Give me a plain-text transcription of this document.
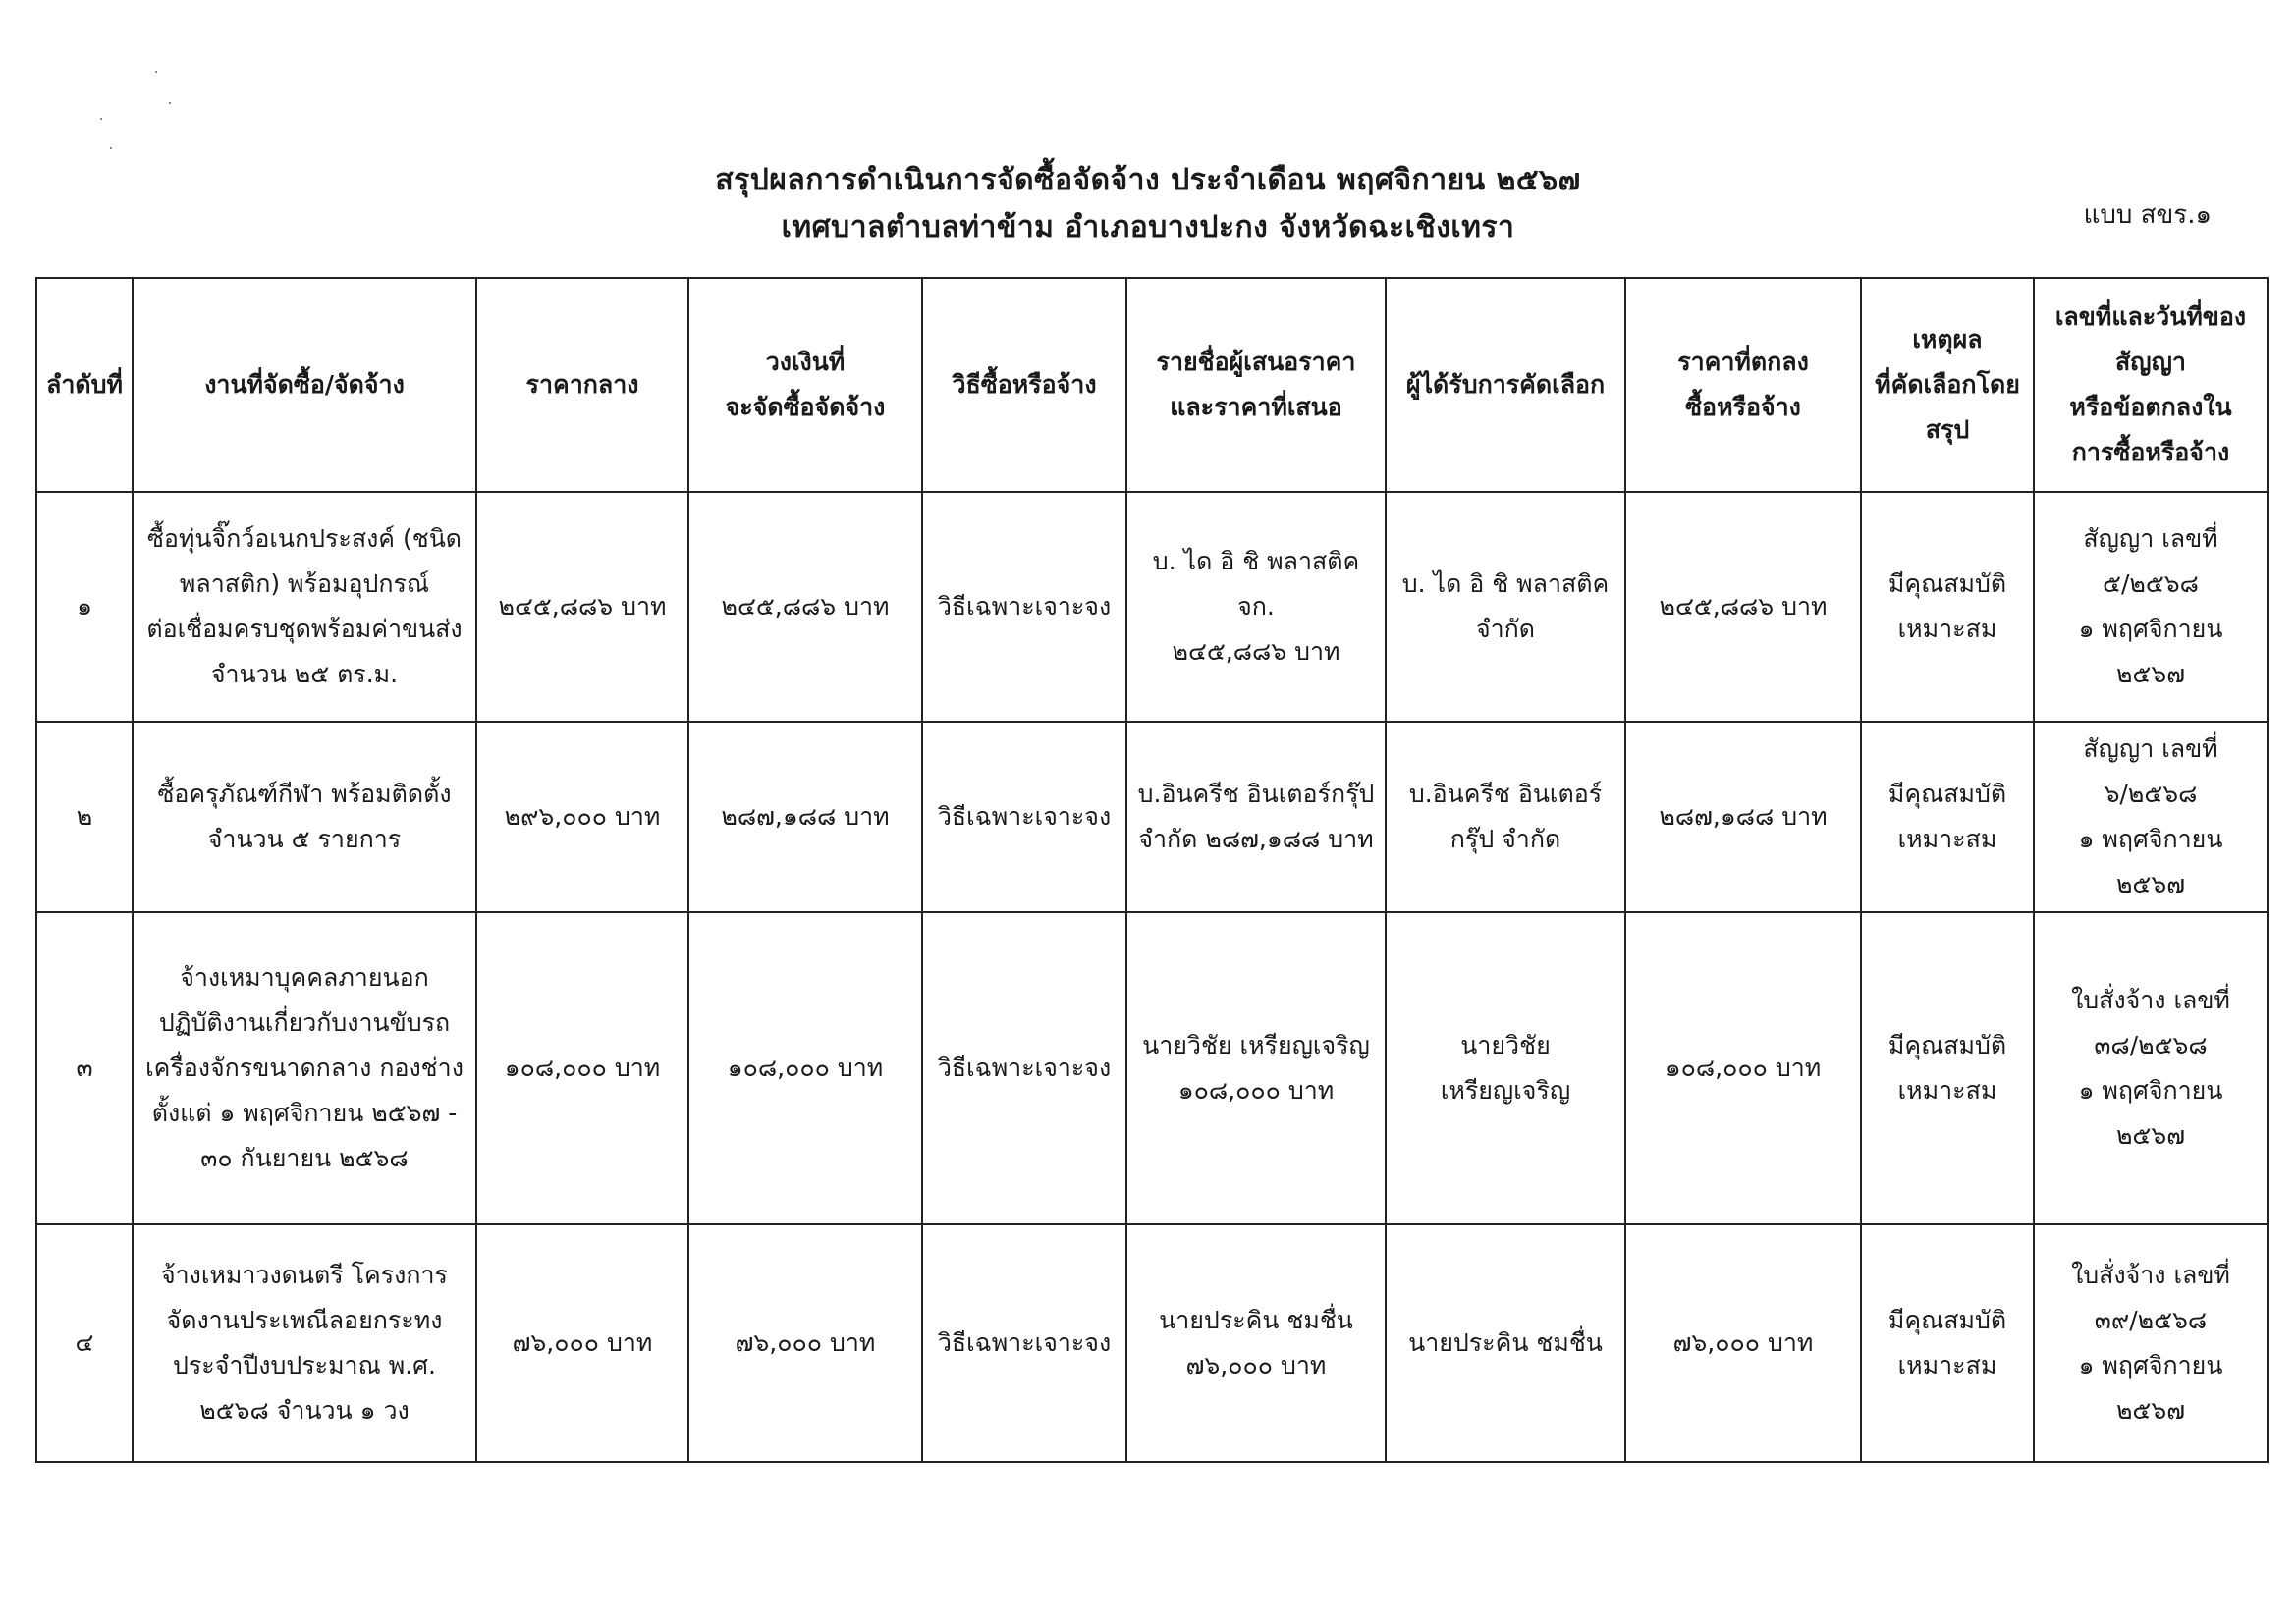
สรุปผลการดำเนินการจัดซื้อจัดจ้าง ประจำเดือน พฤศจิกายน ๒๕๖๗
เทศบาลตำบลท่าข้าม อำเภอบางปะกง จังหวัดฉะเชิงเทรา	แบบ สขร.๑
ลำดับที่	งานที่จัดซื้อ/จัดจ้าง	ราคากลาง	วงเงินที่
จะจัดซื้อจัดจ้าง	วิธีซื้อหรือจ้าง	รายชื่อผู้เสนอราคา
และราคาที่เสนอ	ผู้ได้รับการคัดเลือก	ราคาที่ตกลง
ซื้อหรือจ้าง	เหตุผล
ที่คัดเลือกโดย
สรุป	เลขที่และวันที่ของ
สัญญา
หรือข้อตกลงใน
การซื้อหรือจ้าง
๑	ซื้อทุ่นจิ๊กว์อเนกประสงค์ (ชนิด
พลาสติก) พร้อมอุปกรณ์
ต่อเชื่อมครบชุดพร้อมค่าขนส่ง
จำนวน ๒๕ ตร.ม.	๒๔๕,๘๘๖ บาท	๒๔๕,๘๘๖ บาท	วิธีเฉพาะเจาะจง	บ. ได อิ ชิ พลาสติค จก.
๒๔๕,๘๘๖ บาท	บ. ได อิ ชิ พลาสติค
จำกัด	๒๔๕,๘๘๖ บาท	มีคุณสมบัติ
เหมาะสม	สัญญา เลขที่
๕/๒๕๖๘
๑ พฤศจิกายน
๒๕๖๗
๒	ซื้อครุภัณฑ์กีฬา พร้อมติดตั้ง
จำนวน ๕ รายการ	๒๙๖,๐๐๐ บาท	๒๘๗,๑๘๘ บาท	วิธีเฉพาะเจาะจง	บ.อินครีช อินเตอร์กรุ๊ป
จำกัด ๒๘๗,๑๘๘ บาท	บ.อินครีช อินเตอร์
กรุ๊ป จำกัด	๒๘๗,๑๘๘ บาท	มีคุณสมบัติ
เหมาะสม	สัญญา เลขที่
๖/๒๕๖๘
๑ พฤศจิกายน
๒๕๖๗
๓	จ้างเหมาบุคคลภายนอก
ปฏิบัติงานเกี่ยวกับงานขับรถ
เครื่องจักรขนาดกลาง กองช่าง
ตั้งแต่ ๑ พฤศจิกายน ๒๕๖๗ -
๓๐ กันยายน ๒๕๖๘	๑๐๘,๐๐๐ บาท	๑๐๘,๐๐๐ บาท	วิธีเฉพาะเจาะจง	นายวิชัย เหรียญเจริญ
๑๐๘,๐๐๐ บาท	นายวิชัย
เหรียญเจริญ	๑๐๘,๐๐๐ บาท	มีคุณสมบัติ
เหมาะสม	ใบสั่งจ้าง เลขที่
๓๘/๒๕๖๘
๑ พฤศจิกายน
๒๕๖๗
๔	จ้างเหมาวงดนตรี โครงการ
จัดงานประเพณีลอยกระทง
ประจำปีงบประมาณ พ.ศ.
๒๕๖๘ จำนวน ๑ วง	๗๖,๐๐๐ บาท	๗๖,๐๐๐ บาท	วิธีเฉพาะเจาะจง	นายประคิน ชมชื่น
๗๖,๐๐๐ บาท	นายประคิน ชมชื่น	๗๖,๐๐๐ บาท	มีคุณสมบัติ
เหมาะสม	ใบสั่งจ้าง เลขที่
๓๙/๒๕๖๘
๑ พฤศจิกายน
๒๕๖๗
